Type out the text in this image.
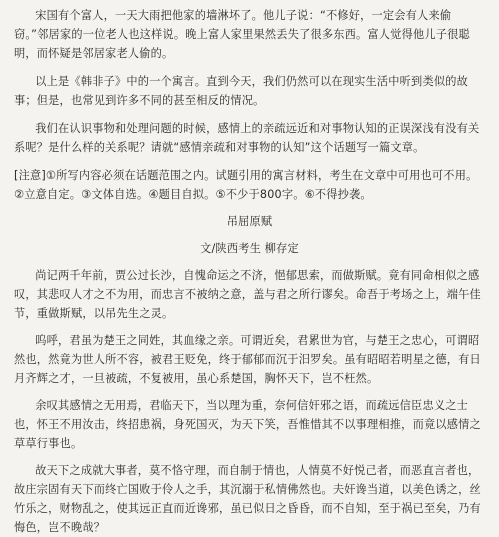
宋国有个富人，一天大雨把他家的墙淋坏了。他儿子说：“不修好，一定会有人来偷窃。”邻居家的一位老人也这样说。晚上富人家里果然丢失了很多东西。富人觉得他儿子很聪明，而怀疑是邻居家老人偷的。

以上是《韩非子》中的一个寓言。直到今天，我们仍然可以在现实生活中听到类似的故事；但是，也常见到许多不同的甚至相反的情况。

我们在认识事物和处理问题的时候，感情上的亲疏远近和对事物认知的正误深浅有没有关系呢？是什么样的关系呢？请就“感情亲疏和对事物的认知”这个话题写一篇文章。

[注意]①所写内容必须在话题范围之内。试题引用的寓言材料，考生在文章中可用也可不用。②立意自定。③文体自选。④题目自拟。⑤不少于800字。⑥不得抄袭。

吊屈原赋

文/陕西考生 柳存定

尚记两千年前，贾公过长沙，自愧命运之不济，悒郁思索，而做斯赋。竟有同命相似之感叹，其悲叹人才之不为用，而忠言不被纳之意，盖与君之所行谬矣。命吾于考场之上，端午佳节，重做斯赋，以吊先生之灵。

呜呼，君虽为楚王之同姓，其血缘之亲。可谓近矣，君累世为官，与楚王之忠心，可谓昭然也，然竟为世人所不容，被君王贬免，终于郁郁而沉于汨罗矣。虽有昭昭若明星之德，有日月齐辉之才，一旦被疏，不复被用，虽心系楚国，胸怀天下，岂不枉然。

余叹其感情之无用焉，君临天下，当以理为重，奈何信奸邪之语，而疏远信臣忠义之士也，怀王不用汝击，终招患祸，身死国灭，为天下笑，吾惟惜其不以事理相推，而竟以感情之草草行事也。

故天下之成就大事者，莫不恪守理，而自制于情也，人情莫不好悦己者，而恶直言者也，故庄宗固有天下而终亡国败于伶人之手，其沉溺于私情佛然也。夫奸谗当道，以美色诱之，丝竹乐之，财物乱之，使其远正直而近谗邪，虽已似日之昏昏，而不自知，至于祸已至矣，乃有悔色，岂不晚哉？
